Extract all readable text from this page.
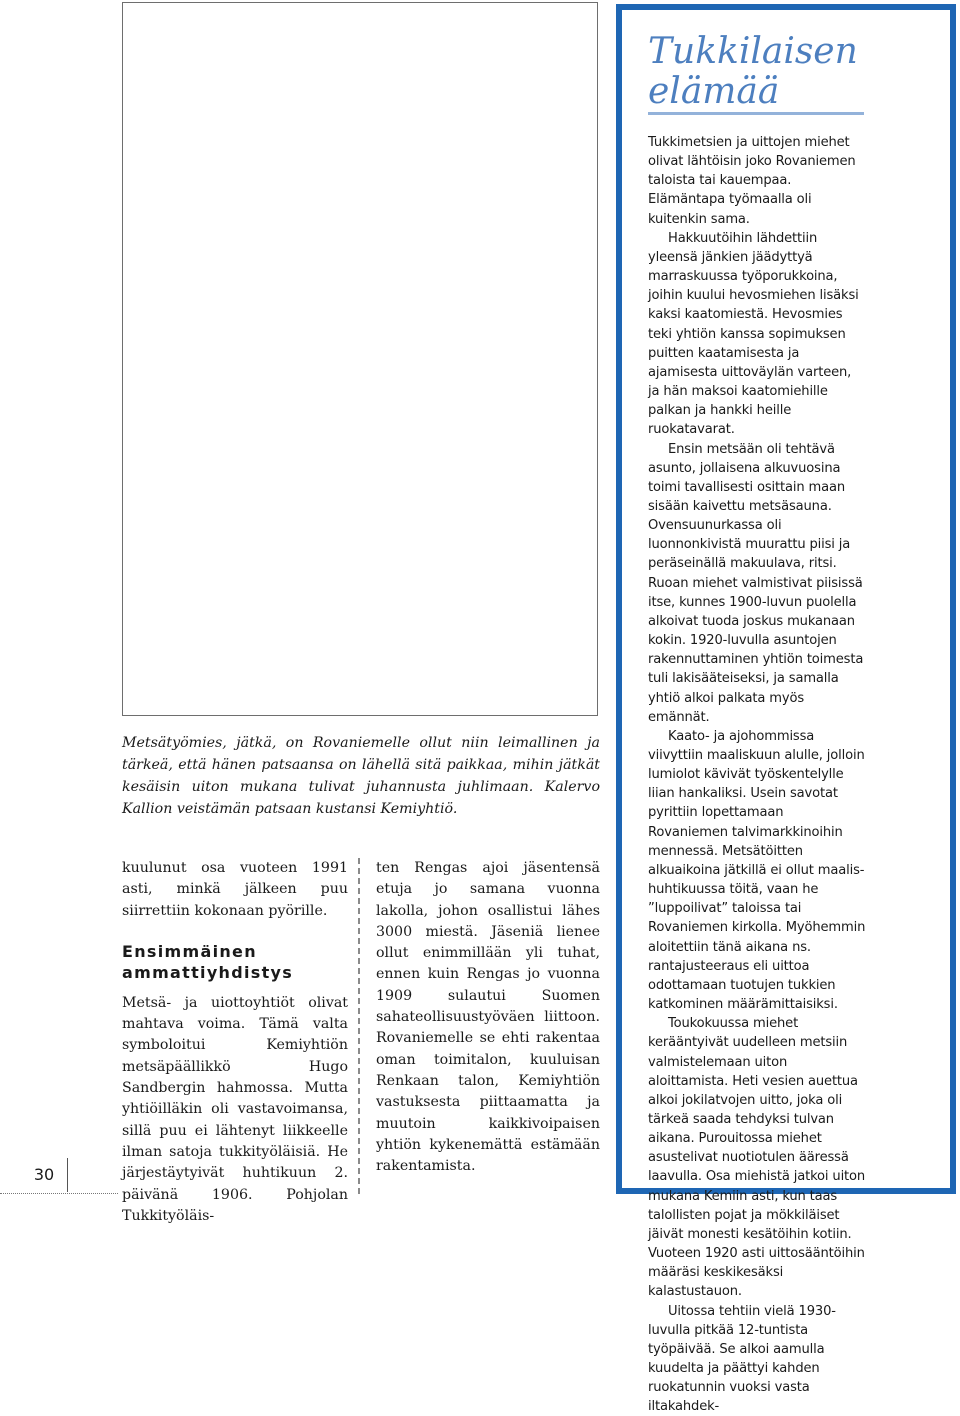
Metsätyömies, jätkä, on Rovaniemelle ollut niin leimallinen ja tärkeä, että hänen patsaansa on lähellä sitä paikkaa, mihin jätkät kesäisin uiton mukana tulivat juhannusta juhlimaan. Kalervo Kallion veistämän patsaan kustansi Kemiyhtiö.

kuulunut osa vuoteen 1991 asti, minkä jälkeen puu siirrettiin kokonaan pyörille.

Ensimmäinen ammattiyhdistys

Metsä- ja uiottoyhtiöt olivat mahtava voima. Tämä valta symboloitui Kemiyhtiön metsäpäällikkö Hugo Sandbergin hahmossa. Mutta yhtiöilläkin oli vastavoimansa, sillä puu ei lähtenyt liikkeelle ilman satoja tukkityöläisiä. He järjestäytyivät huhtikuun 2. päivänä 1906. Pohjolan Tukkityöläis-

ten Rengas ajoi jäsentensä etuja jo samana vuonna lakolla, johon osallistui lähes 3000 miestä. Jäseniä lienee ollut enimmillään yli tuhat, ennen kuin Rengas jo vuonna 1909 sulautui Suomen sahateollisuustyöväen liittoon. Rovaniemelle se ehti rakentaa oman toimitalon, kuuluisan Renkaan talon, Kemiyhtiön vastuksesta piittaamatta ja muutoin kaikkivoipaisen yhtiön kykenemättä estämään rakentamista.

30

Tukkilaisen

elämää

Tukkimetsien ja uittojen miehet olivat lähtöisin joko Rovaniemen taloista tai kauempaa. Elämäntapa työmaalla oli kuitenkin sama.

Hakkuutöihin lähdettiin yleensä jänkien jäädyttyä marraskuussa työporukkoina, joihin kuului hevosmiehen lisäksi kaksi kaatomiestä. Hevosmies teki yhtiön kanssa sopimuksen puitten kaatamisesta ja ajamisesta uittoväylän varteen, ja hän maksoi kaatomiehille palkan ja hankki heille ruokatavarat.

Ensin metsään oli tehtävä asunto, jollaisena alkuvuosina toimi tavallisesti osittain maan sisään kaivettu metsäsauna. Ovensuunurkassa oli luonnonkivistä muurattu piisi ja peräseinällä makuulava, ritsi. Ruoan miehet valmistivat piisissä itse, kunnes 1900-luvun puolella alkoivat tuoda joskus mukanaan kokin. 1920-luvulla asuntojen rakennuttaminen yhtiön toimesta tuli lakisääteiseksi, ja samalla yhtiö alkoi palkata myös emännät.

Kaato- ja ajohommissa viivyttiin maaliskuun alulle, jolloin lumiolot kävivät työskentelylle liian hankaliksi. Usein savotat pyrittiin lopettamaan Rovaniemen talvimarkkinoihin mennessä. Metsätöitten alkuaikoina jätkillä ei ollut maalis-huhtikuussa töitä, vaan he ”luppoilivat” taloissa tai Rovaniemen kirkolla. Myöhemmin aloitettiin tänä aikana ns. rantajusteeraus eli uittoa odottamaan tuotujen tukkien katkominen määrämittaisiksi.

Toukokuussa miehet kerääntyivät uudelleen metsiin valmistelemaan uiton aloittamista. Heti vesien auettua alkoi jokilatvojen uitto, joka oli tärkeä saada tehdyksi tulvan aikana. Purouitossa miehet asustelivat nuotiotulen ääressä laavulla. Osa miehistä jatkoi uiton mukana Kemiin asti, kun taas talollisten pojat ja mökkiläiset jäivät monesti kesätöihin kotiin. Vuoteen 1920 asti uittosääntöihin määräsi keskikesäksi kalastustauon.

Uitossa tehtiin vielä 1930-luvulla pitkää 12-tuntista työpäivää. Se alkoi aamulla kuudelta ja päättyi kahden ruokatunnin vuoksi vasta iltakahdek-
